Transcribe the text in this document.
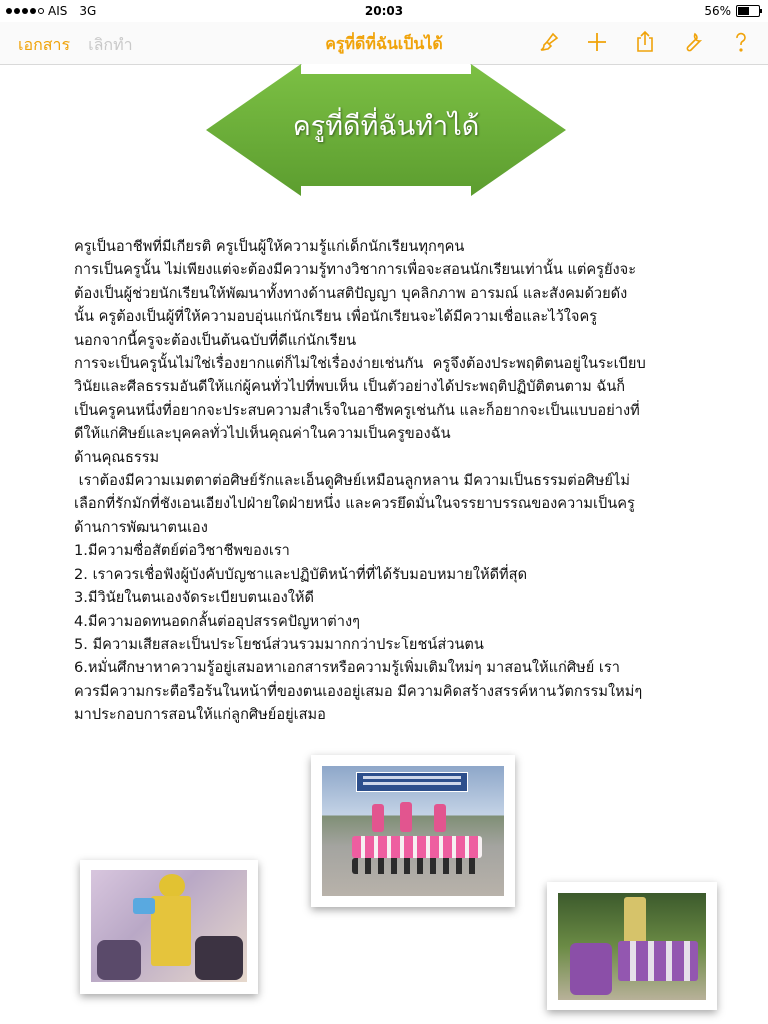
AIS 3G	20:03	56%
เอกสาร เลิกทำ	ครูที่ดีที่ฉันเป็นได้
ครูที่ดีที่ฉันทำได้
ครูเป็นอาชีพที่มีเกียรติ ครูเป็นผู้ให้ความรู้แก่เด็กนักเรียนทุกๆคน
การเป็นครูนั้น ไม่เพียงแต่จะต้องมีความรู้ทางวิชาการเพื่อจะสอนนักเรียนเท่านั้น แต่ครูยังจะ
ต้องเป็นผู้ช่วยนักเรียนให้พัฒนาทั้งทางด้านสติปัญญา บุคลิกภาพ อารมณ์ และสังคมด้วยดัง
นั้น ครูต้องเป็นผู้ที่ให้ความอบอุ่นแก่นักเรียน เพื่อนักเรียนจะได้มีความเชื่อและไว้ใจครู
นอกจากนี้ครูจะต้องเป็นต้นฉบับที่ดีแก่นักเรียน
การจะเป็นครูนั้นไม่ใช่เรื่องยากแต่ก็ไม่ใช่เรื่องง่ายเช่นกัน  ครูจึงต้องประพฤติตนอยู่ในระเบียบ
วินัยและศีลธรรมอันดีให้แก่ผู้คนทั่วไปที่พบเห็น เป็นตัวอย่างได้ประพฤติปฏิบัติตนตาม ฉันก็
เป็นครูคนหนึ่งที่อยากจะประสบความสำเร็จในอาชีพครูเช่นกัน และก็อยากจะเป็นแบบอย่างที่
ดีให้แก่ศิษย์และบุคคลทั่วไปเห็นคุณค่าในความเป็นครูของฉัน
ด้านคุณธรรม
เราต้องมีความเมตตาต่อศิษย์รักและเอ็นดูศิษย์เหมือนลูกหลาน มีความเป็นธรรมต่อศิษย์ไม่
เลือกที่รักมักที่ชังเอนเอียงไปฝ่ายใดฝ่ายหนึ่ง และควรยึดมั่นในจรรยาบรรณของความเป็นครู
ด้านการพัฒนาตนเอง
1.มีความซื่อสัตย์ต่อวิชาชีพของเรา
2. เราควรเชื่อฟังผู้บังคับบัญชาและปฏิบัติหน้าที่ที่ได้รับมอบหมายให้ดีที่สุด
3.มีวินัยในตนเองจัดระเบียบตนเองให้ดี
4.มีความอดทนอดกลั้นต่ออุปสรรคปัญหาต่างๆ
5. มีความเสียสละเป็นประโยชน์ส่วนรวมมากกว่าประโยชน์ส่วนตน
6.หมั่นศึกษาหาความรู้อยู่เสมอหาเอกสารหรือความรู้เพิ่มเติมใหม่ๆ มาสอนให้แก่ศิษย์ เรา
ควรมีความกระตือรือร้นในหน้าที่ของตนเองอยู่เสมอ มีความคิดสร้างสรรค์หานวัตกรรมใหม่ๆ
มาประกอบการสอนให้แก่ลูกศิษย์อยู่เสมอ
